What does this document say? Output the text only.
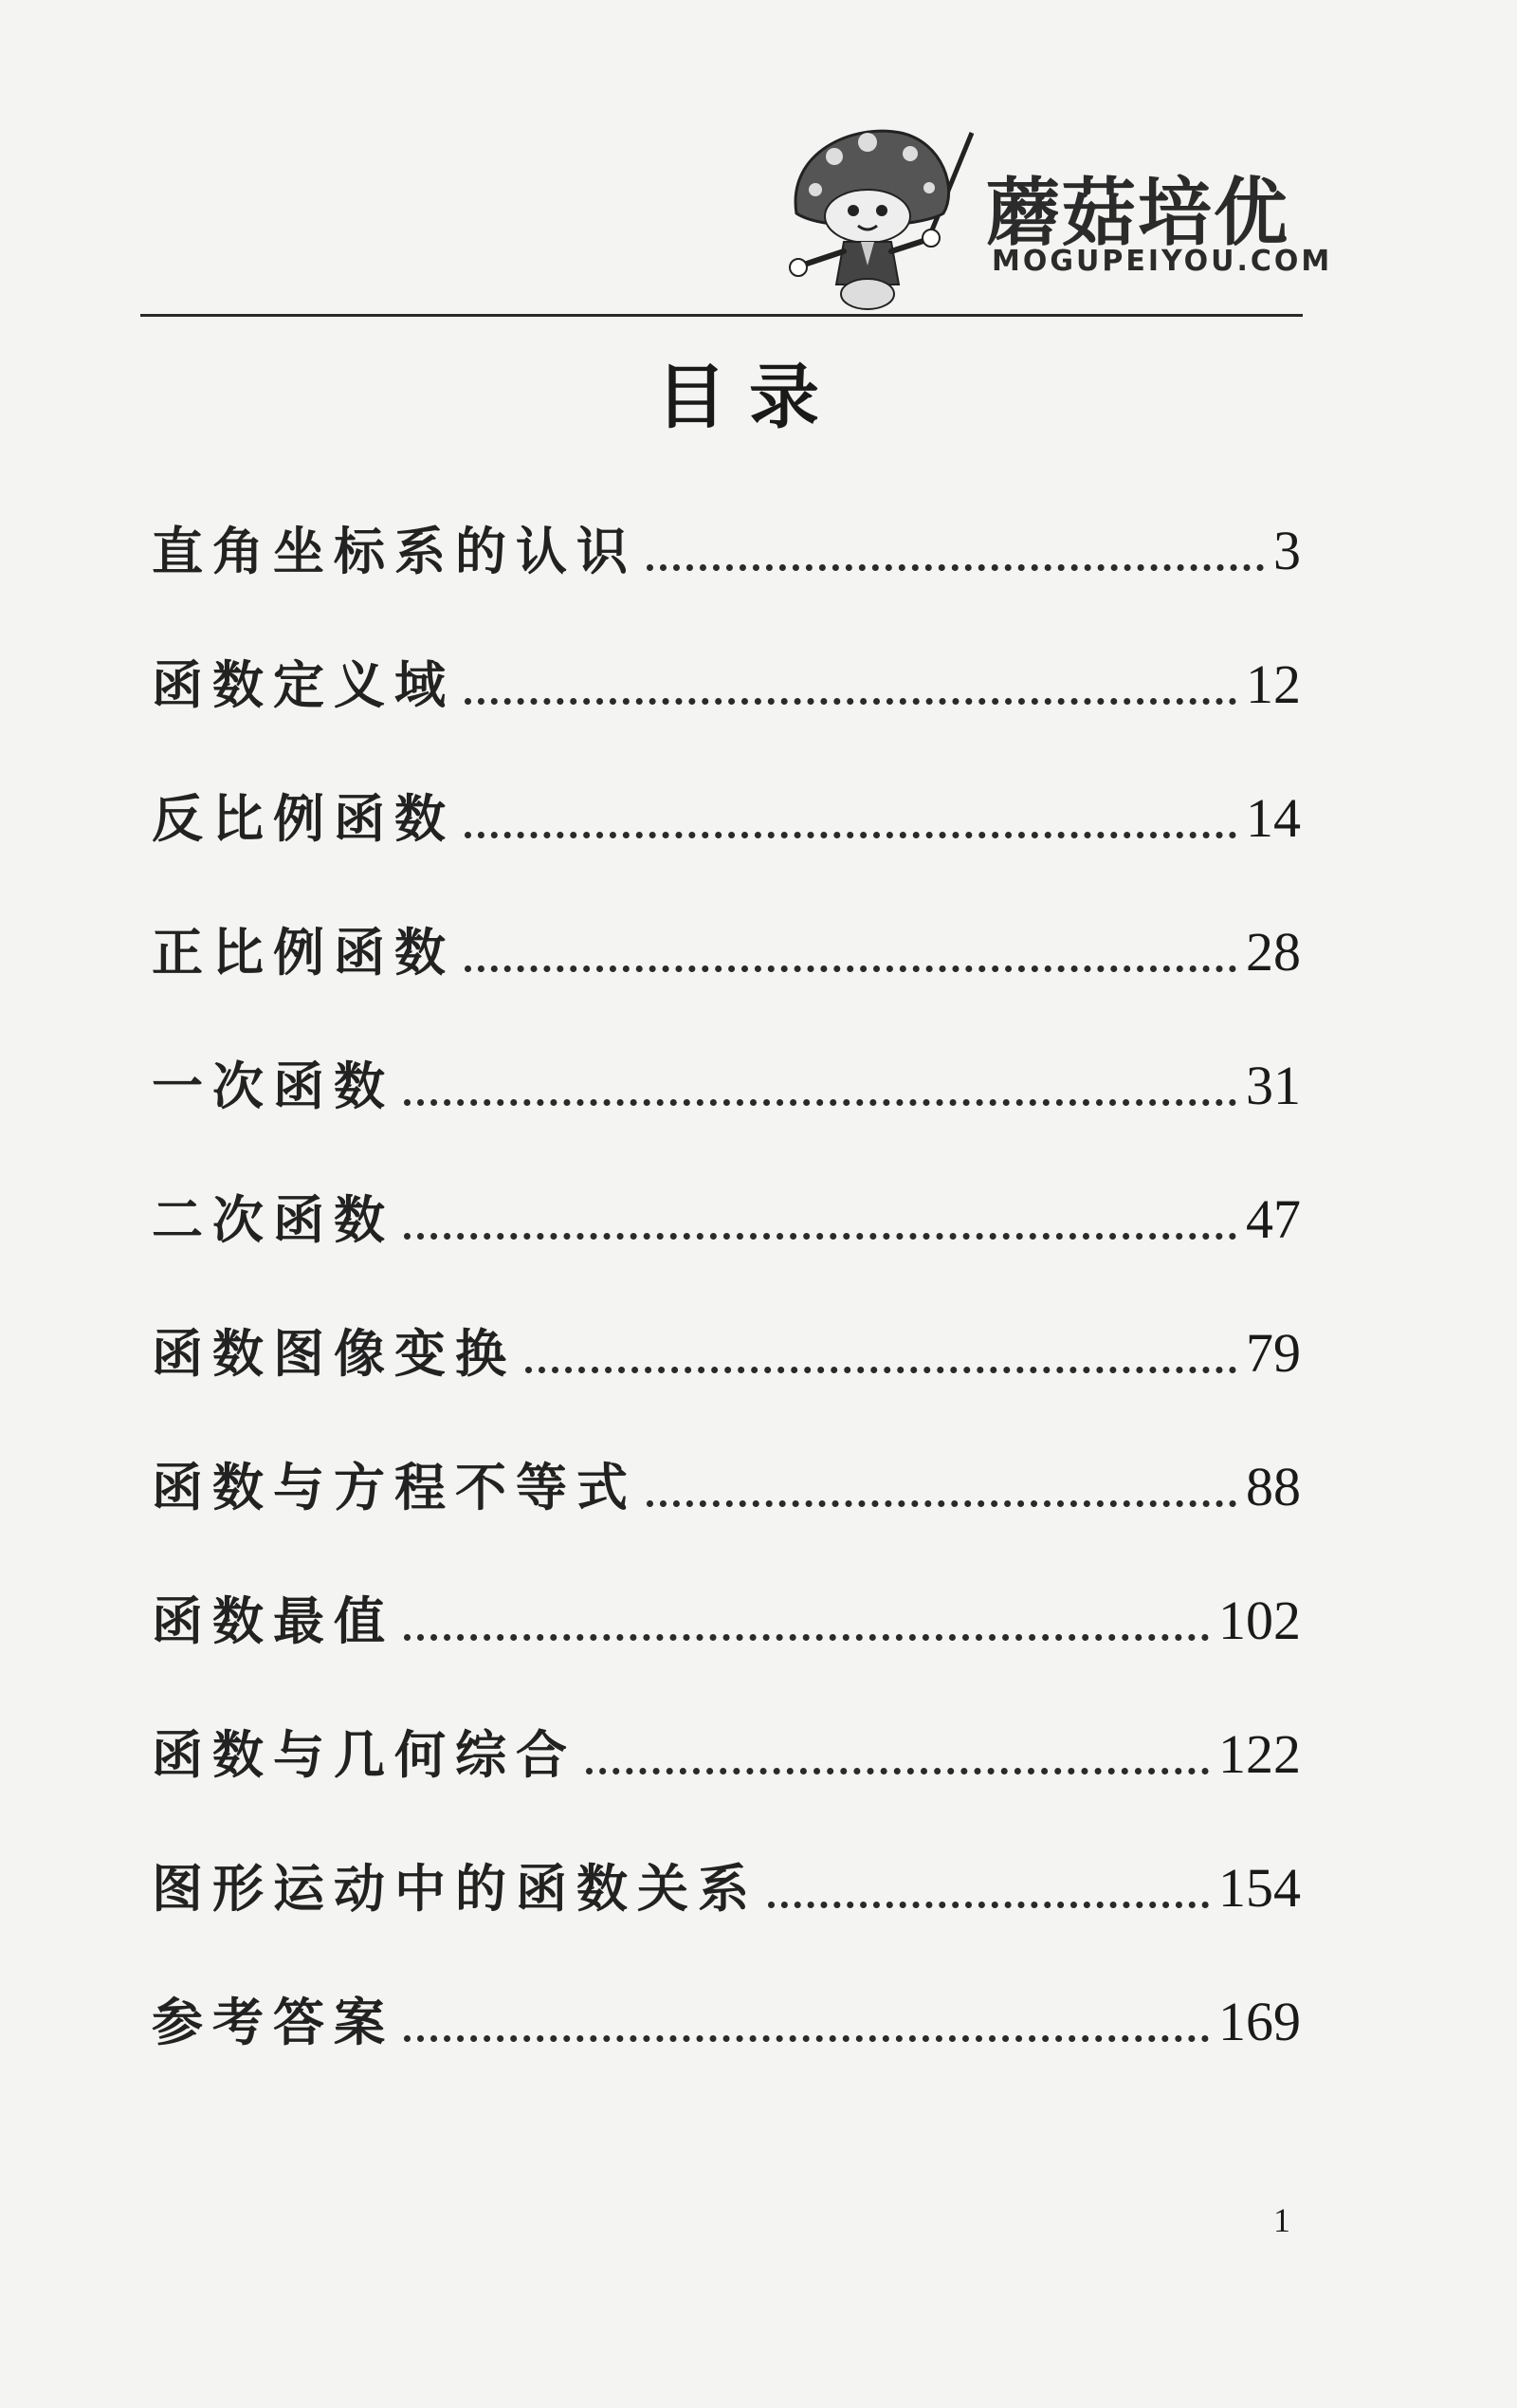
蘑菇培优
MOGUPEIYOU.COM
目录
直角坐标系的认识	3
函数定义域	12
反比例函数	14
正比例函数	28
一次函数	31
二次函数	47
函数图像变换	79
函数与方程不等式	88
函数最值	102
函数与几何综合	122
图形运动中的函数关系	154
参考答案	169
1
